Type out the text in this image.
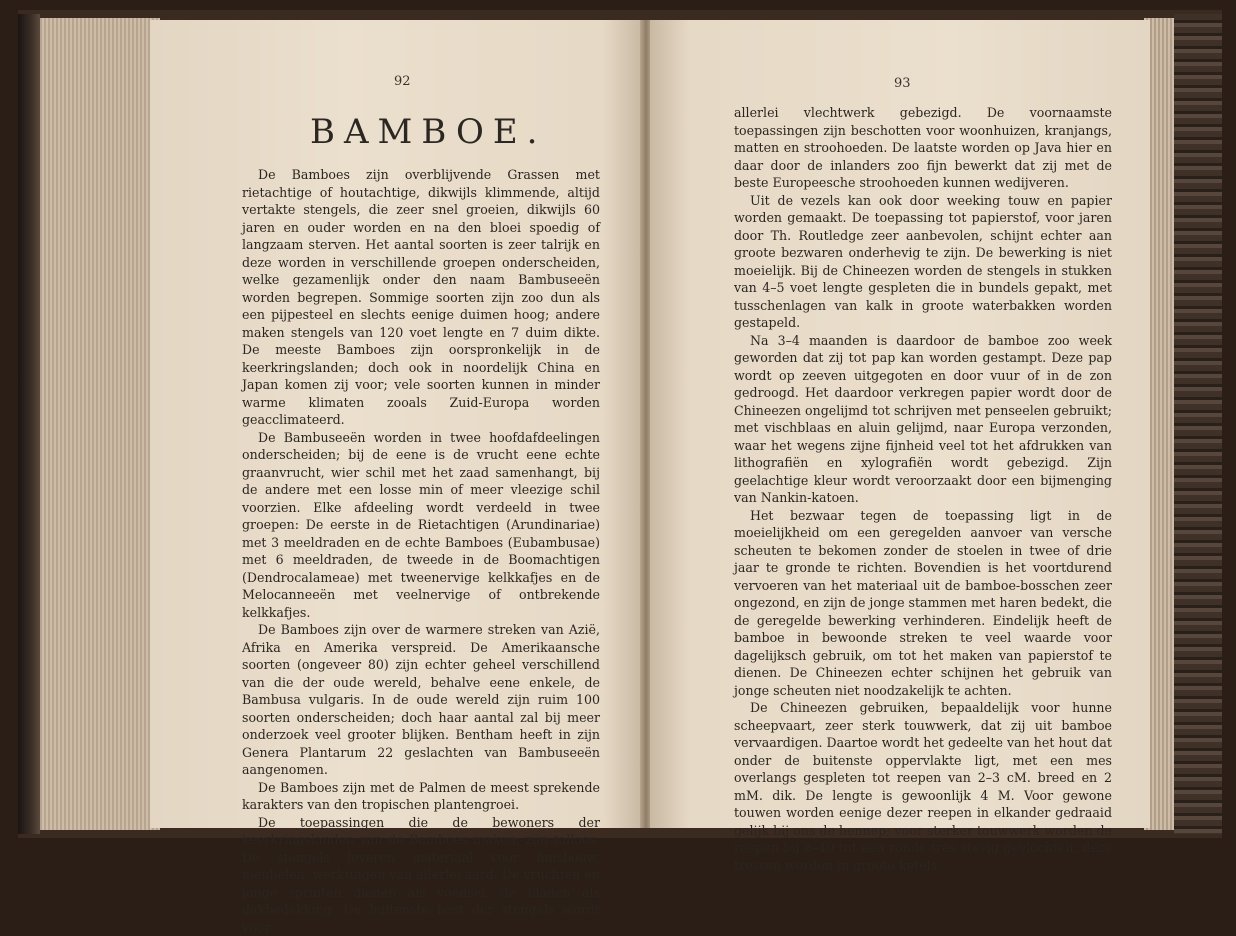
92
BAMBOE.

De Bamboes zijn overblijvende Grassen met rietachtige of houtachtige, dikwijls klimmende, altijd vertakte stengels, die zeer snel groeien, dikwijls 60 jaren en ouder worden en na den bloei spoedig of langzaam sterven. Het aantal soorten is zeer talrijk en deze worden in verschillende groepen onderscheiden, welke gezamenlijk onder den naam Bambuseeën worden begrepen. Sommige soorten zijn zoo dun als een pijpesteel en slechts eenige duimen hoog; andere maken stengels van 120 voet lengte en 7 duim dikte. De meeste Bamboes zijn oorspronkelijk in de keerkringslanden; doch ook in noordelijk China en Japan komen zij voor; vele soorten kunnen in minder warme klimaten zooals Zuid-Europa worden geacclimateerd.

De Bambuseeën worden in twee hoofdafdeelingen onderscheiden; bij de eene is de vrucht eene echte graanvrucht, wier schil met het zaad samenhangt, bij de andere met een losse min of meer vleezige schil voorzien. Elke afdeeling wordt verdeeld in twee groepen: De eerste in de Rietachtigen (Arundinariae) met 3 meeldraden en de echte Bamboes (Eubambusae) met 6 meeldraden, de tweede in de Boomachtigen (Dendrocalameae) met tweenervige kelkkafjes en de Melocanneeën met veelnervige of ontbrekende kelkkafjes.

De Bamboes zijn over de warmere streken van Azië, Afrika en Amerika verspreid. De Amerikaansche soorten (ongeveer 80) zijn echter geheel verschillend van die der oude wereld, behalve eene enkele, de Bambusa vulgaris. In de oude wereld zijn ruim 100 soorten onderscheiden; doch haar aantal zal bij meer onderzoek veel grooter blijken. Bentham heeft in zijn Genera Plantarum 22 geslachten van Bambuseeën aangenomen.

De Bamboes zijn met de Palmen de meest sprekende karakters van den tropischen plantengroei.

De toepassingen die de bewoners der keerkringslanden van de Bamboes maken, zijn talloos. De stengels leveren materiaal voor huisbouw, meubelen, werktuigen van allerlei aard. De vruchten en jonge spruiten dienen als voedsel, de bladen als dakbedekking. De buitenste bast der stengels wordt voor

93

allerlei vlechtwerk gebezigd. De voornaamste toepassingen zijn beschotten voor woonhuizen, kranjangs, matten en stroohoeden. De laatste worden op Java hier en daar door de inlanders zoo fijn bewerkt dat zij met de beste Europeesche stroohoeden kunnen wedijveren.

Uit de vezels kan ook door weeking touw en papier worden gemaakt. De toepassing tot papierstof, voor jaren door Th. Routledge zeer aanbevolen, schijnt echter aan groote bezwaren onderhevig te zijn. De bewerking is niet moeielijk. Bij de Chineezen worden de stengels in stukken van 4–5 voet lengte gespleten die in bundels gepakt, met tusschenlagen van kalk in groote waterbakken worden gestapeld.

Na 3–4 maanden is daardoor de bamboe zoo week geworden dat zij tot pap kan worden gestampt. Deze pap wordt op zeeven uitgegoten en door vuur of in de zon gedroogd. Het daardoor verkregen papier wordt door de Chineezen ongelijmd tot schrijven met penseelen gebruikt; met vischblaas en aluin gelijmd, naar Europa verzonden, waar het wegens zijne fijnheid veel tot het afdrukken van lithografiën en xylografiën wordt gebezigd. Zijn geelachtige kleur wordt veroorzaakt door een bijmenging van Nankin-katoen.

Het bezwaar tegen de toepassing ligt in de moeielijkheid om een geregelden aanvoer van versche scheuten te bekomen zonder de stoelen in twee of drie jaar te gronde te richten. Bovendien is het voortdurend vervoeren van het materiaal uit de bamboe-bosschen zeer ongezond, en zijn de jonge stammen met haren bedekt, die de geregelde bewerking verhinderen. Eindelijk heeft de bamboe in bewoonde streken te veel waarde voor dagelijksch gebruik, om tot het maken van papierstof te dienen. De Chineezen echter schijnen het gebruik van jonge scheuten niet noodzakelijk te achten.

De Chineezen gebruiken, bepaaldelijk voor hunne scheepvaart, zeer sterk touwwerk, dat zij uit bamboe vervaardigen. Daartoe wordt het gedeelte van het hout dat onder de buitenste oppervlakte ligt, met een mes overlangs gespleten tot reepen van 2–3 cM. breed en 2 mM. dik. De lengte is gewoonlijk 4 M. Voor gewone touwen worden eenige dezer reepen in elkander gedraaid gelijk bij ons de hennep; voor sterker touwwerk worden de reepen bij 8–40 tot een ronde tres stevig gevlochten; deze tressen worden in groote ketels
